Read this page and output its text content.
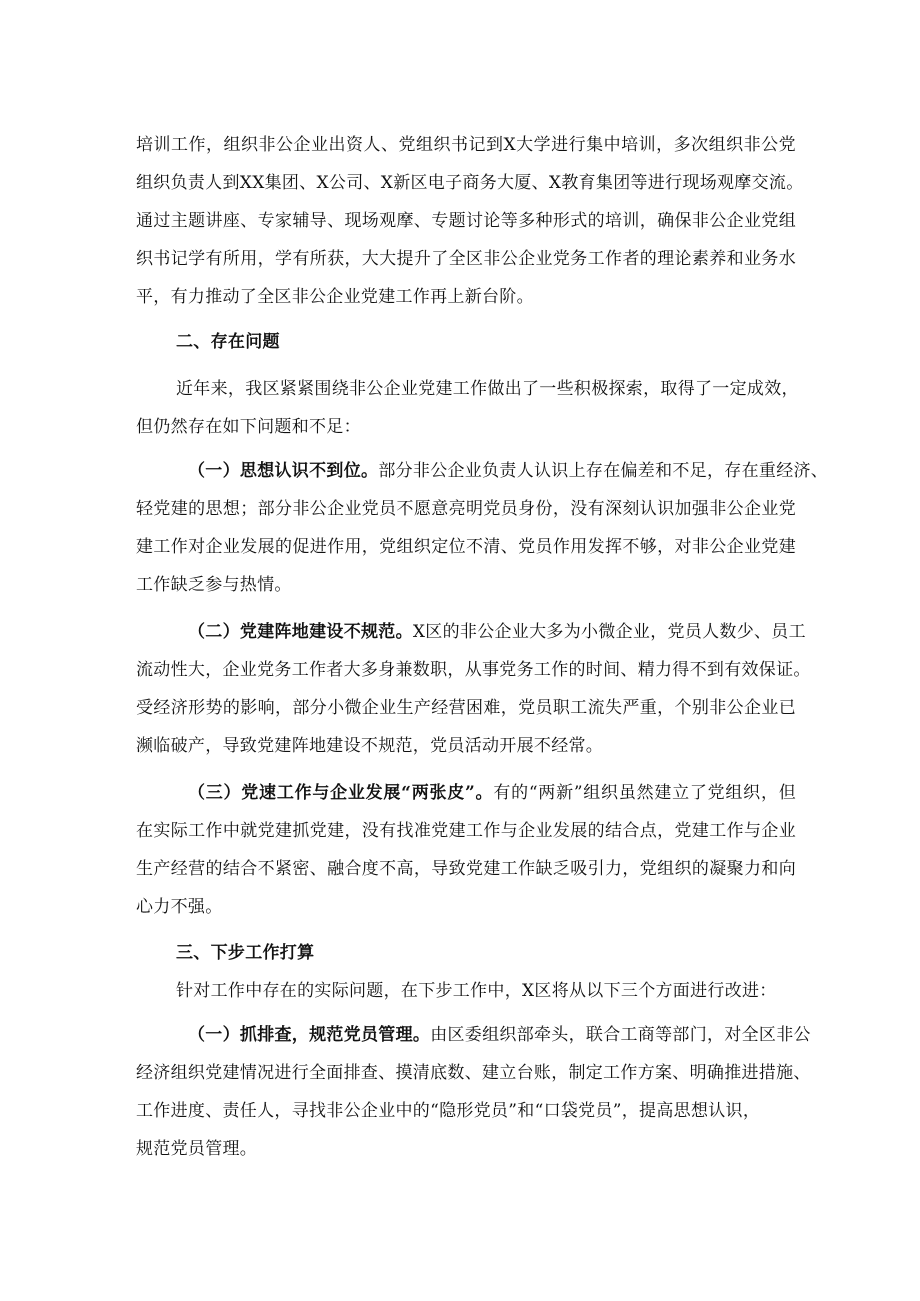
培训工作，组织非公企业出资人、党组织书记到X大学进行集中培训，多次组织非公党
组织负责人到XX集团、X公司、X新区电子商务大厦、X教育集团等进行现场观摩交流。
通过主题讲座、专家辅导、现场观摩、专题讨论等多种形式的培训，确保非公企业党组
织书记学有所用，学有所获，大大提升了全区非公企业党务工作者的理论素养和业务水
平，有力推动了全区非公企业党建工作再上新台阶。
二、存在问题
近年来，我区紧紧围绕非公企业党建工作做出了一些积极探索，取得了一定成效，
但仍然存在如下问题和不足：
（一）思想认识不到位。部分非公企业负责人认识上存在偏差和不足，存在重经济、
轻党建的思想；部分非公企业党员不愿意亮明党员身份，没有深刻认识加强非公企业党
建工作对企业发展的促进作用，党组织定位不清、党员作用发挥不够，对非公企业党建
工作缺乏参与热情。
（二）党建阵地建设不规范。X区的非公企业大多为小微企业，党员人数少、员工
流动性大，企业党务工作者大多身兼数职，从事党务工作的时间、精力得不到有效保证。
受经济形势的影响，部分小微企业生产经营困难，党员职工流失严重，个别非公企业已
濒临破产，导致党建阵地建设不规范，党员活动开展不经常。
（三）党速工作与企业发展“两张皮”。有的“两新”组织虽然建立了党组织，但
在实际工作中就党建抓党建，没有找准党建工作与企业发展的结合点，党建工作与企业
生产经营的结合不紧密、融合度不高，导致党建工作缺乏吸引力，党组织的凝聚力和向
心力不强。
三、下步工作打算
针对工作中存在的实际问题，在下步工作中，X区将从以下三个方面进行改进：
（一）抓排查，规范党员管理。由区委组织部牵头，联合工商等部门，对全区非公
经济组织党建情况进行全面排查、摸清底数、建立台账，制定工作方案、明确推进措施、
工作进度、责任人，寻找非公企业中的“隐形党员”和“口袋党员”，提高思想认识，
规范党员管理。
